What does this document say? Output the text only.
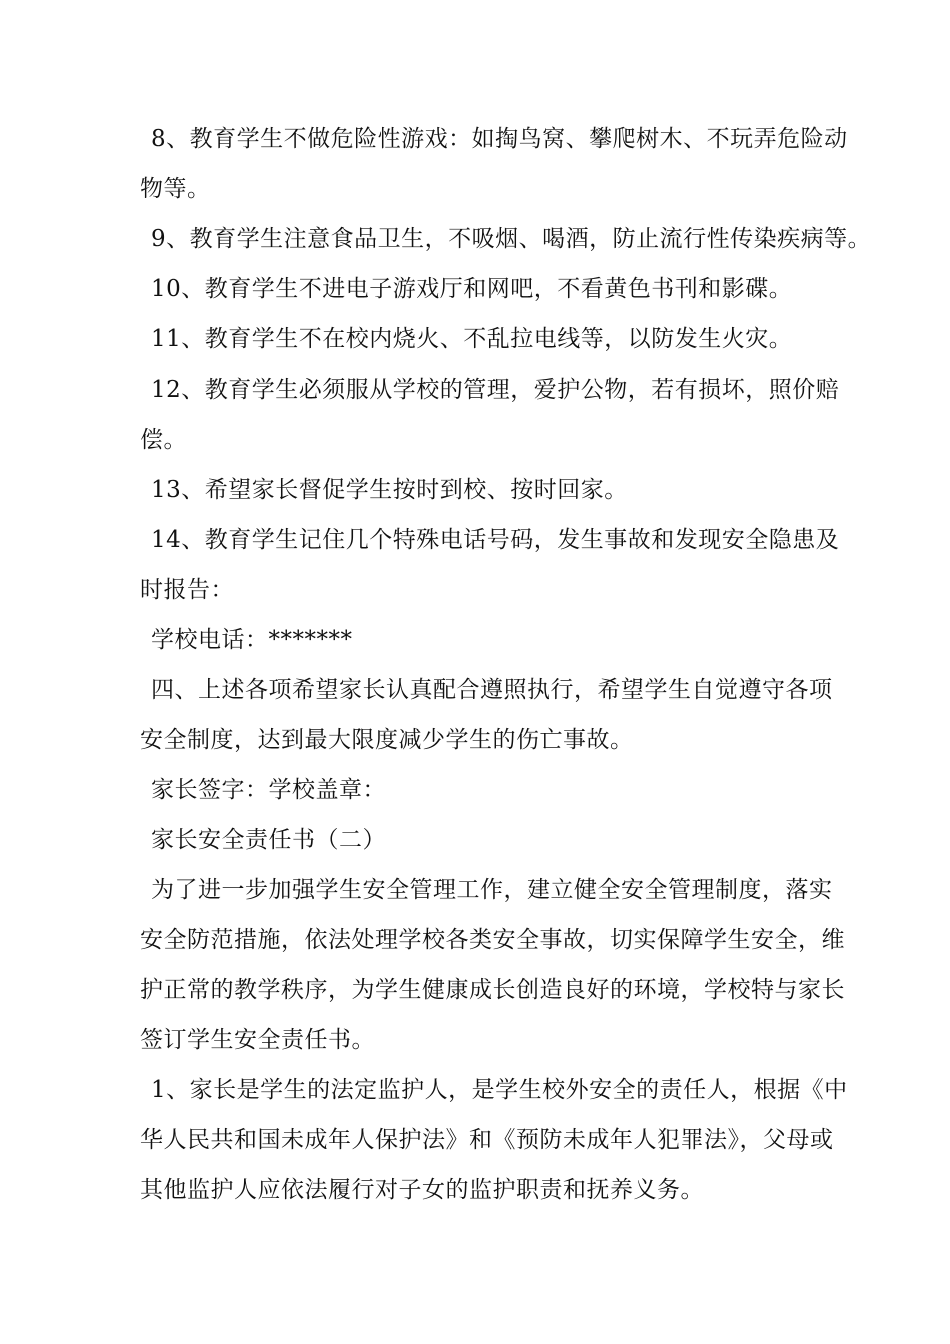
8、教育学生不做危险性游戏：如掏鸟窝、攀爬树木、不玩弄危险动
物等。
9、教育学生注意食品卫生，不吸烟、喝酒，防止流行性传染疾病等。
10、教育学生不进电子游戏厅和网吧，不看黄色书刊和影碟。
11、教育学生不在校内烧火、不乱拉电线等，以防发生火灾。
12、教育学生必须服从学校的管理，爱护公物，若有损坏，照价赔
偿。
13、希望家长督促学生按时到校、按时回家。
14、教育学生记住几个特殊电话号码，发生事故和发现安全隐患及
时报告：
学校电话：*******
四、上述各项希望家长认真配合遵照执行，希望学生自觉遵守各项
安全制度，达到最大限度减少学生的伤亡事故。
家长签字：学校盖章：
家长安全责任书（二）
为了进一步加强学生安全管理工作，建立健全安全管理制度，落实
安全防范措施，依法处理学校各类安全事故，切实保障学生安全，维
护正常的教学秩序，为学生健康成长创造良好的环境，学校特与家长
签订学生安全责任书。
1、家长是学生的法定监护人，是学生校外安全的责任人，根据《中
华人民共和国未成年人保护法》和《预防未成年人犯罪法》，父母或
其他监护人应依法履行对子女的监护职责和抚养义务。
